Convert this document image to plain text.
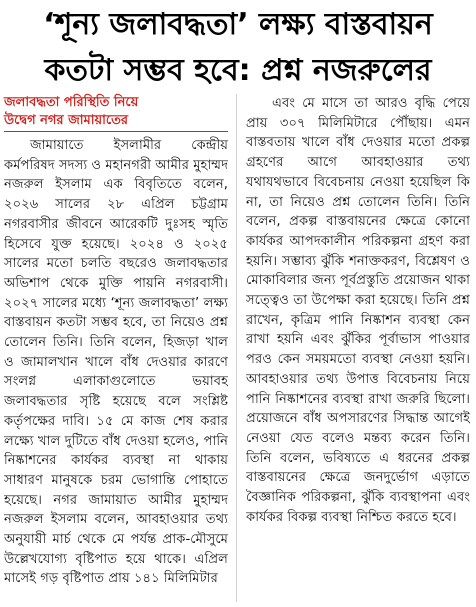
‘শূন্য জলাবদ্ধতা’ লক্ষ্য বাস্তবায়ন
কতটা সম্ভব হবে: প্রশ্ন নজরুলের
জলাবদ্ধতা পরিস্থিতি নিয়ে
উদ্বেগ নগর জামায়াতের

জামায়াতে ইসলামীর কেন্দ্রীয় কর্মপরিষদ সদস্য ও মহানগরী আমীর মুহাম্মদ নজরুল ইসলাম এক বিবৃতিতে বলেন, ২০২৬ সালের ২৮ এপ্রিল চট্টগ্রাম নগরবাসীর জীবনে আরেকটি দুঃসহ স্মৃতি হিসেবে যুক্ত হয়েছে। ২০২৪ ও ২০২৫ সালের মতো চলতি বছরেও জলাবদ্ধতার অভিশাপ থেকে মুক্তি পায়নি নগরবাসী। ২০২৭ সালের মধ্যে ‘শূন্য জলাবদ্ধতা’ লক্ষ্য বাস্তবায়ন কতটা সম্ভব হবে, তা নিয়েও প্রশ্ন তোলেন তিনি। তিনি বলেন, হিজড়া খাল ও জামালখান খালে বাঁধ দেওয়ার কারণে সংলগ্ন এলাকাগুলোতে ভয়াবহ জলাবদ্ধতার সৃষ্টি হয়েছে বলে সংশ্লিষ্ট কর্তৃপক্ষের দাবি। ১৫ মে কাজ শেষ করার লক্ষ্যে খাল দুটিতে বাঁধ দেওয়া হলেও, পানি নিষ্কাশনের কার্যকর ব্যবস্থা না থাকায় সাধারণ মানুষকে চরম ভোগান্তি পোহাতে হয়েছে। নগর জামায়াত আমীর মুহাম্মদ নজরুল ইসলাম বলেন, আবহাওয়ার তথ্য অনুযায়ী মার্চ থেকে মে পর্যন্ত প্রাক-মৌসুমে উল্লেখযোগ্য বৃষ্টিপাত হয়ে থাকে। এপ্রিল মাসেই গড় বৃষ্টিপাত প্রায় ১৪১ মিলিমিটার

এবং মে মাসে তা আরও বৃদ্ধি পেয়ে প্রায় ৩০৭ মিলিমিটারে পৌঁছায়। এমন বাস্তবতায় খালে বাঁধ দেওয়ার মতো প্রকল্প গ্রহণের আগে আবহাওয়ার তথ্য যথাযথভাবে বিবেচনায় নেওয়া হয়েছিল কি না, তা নিয়েও প্রশ্ন তোলেন তিনি। তিনি বলেন, প্রকল্প বাস্তবায়নের ক্ষেত্রে কোনো কার্যকর আপদকালীন পরিকল্পনা গ্রহণ করা হয়নি। সম্ভাব্য ঝুঁকি শনাক্তকরণ, বিশ্লেষণ ও মোকাবিলার জন্য পূর্বপ্রস্তুতি প্রয়োজন থাকা সত্ত্বেও তা উপেক্ষা করা হয়েছে। তিনি প্রশ্ন রাখেন, কৃত্রিম পানি নিষ্কাশন ব্যবস্থা কেন রাখা হয়নি এবং ঝুঁকির পূর্বাভাস পাওয়ার পরও কেন সময়মতো ব্যবস্থা নেওয়া হয়নি। আবহাওয়ার তথ্য উপাত্ত বিবেচনায় নিয়ে পানি নিষ্কাশনের ব্যবস্থা রাখা জরুরি ছিলো। প্রয়োজনে বাঁধ অপসারণের সিদ্ধান্ত আগেই নেওয়া যেত বলেও মন্তব্য করেন তিনি। তিনি বলেন, ভবিষ্যতে এ ধরনের প্রকল্প বাস্তবায়নের ক্ষেত্রে জনদুর্ভোগ এড়াতে বৈজ্ঞানিক পরিকল্পনা, ঝুঁকি ব্যবস্থাপনা এবং কার্যকর বিকল্প ব্যবস্থা নিশ্চিত করতে হবে।
